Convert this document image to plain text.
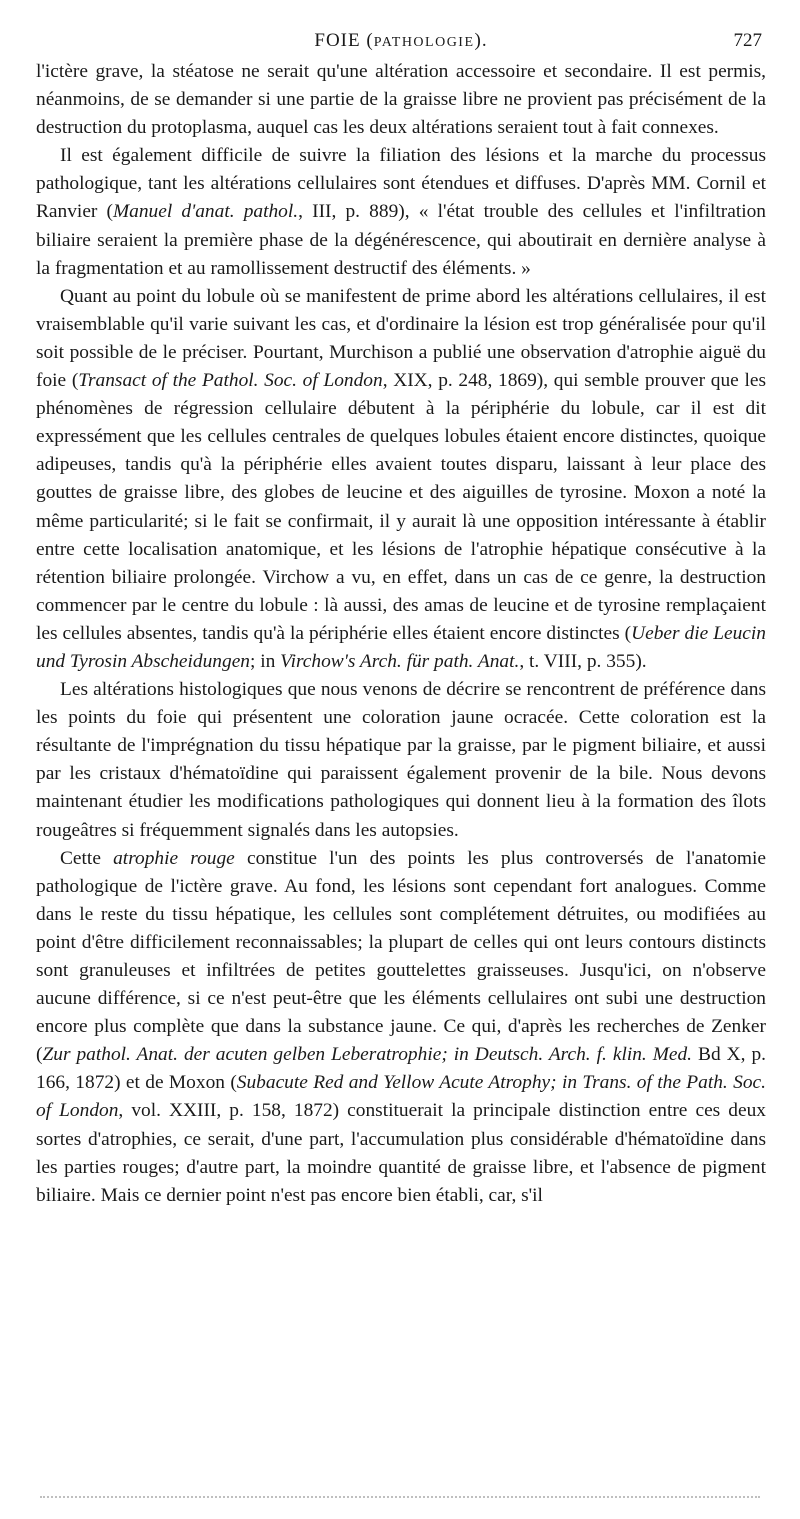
FOIE (PATHOLOGIE).	727

l'ictère grave, la stéatose ne serait qu'une altération accessoire et secondaire. Il est permis, néanmoins, de se demander si une partie de la graisse libre ne provient pas précisément de la destruction du protoplasma, auquel cas les deux altérations seraient tout à fait connexes.

Il est également difficile de suivre la filiation des lésions et la marche du processus pathologique, tant les altérations cellulaires sont étendues et diffuses. D'après MM. Cornil et Ranvier (Manuel d'anat. pathol., III, p. 889), « l'état trouble des cellules et l'infiltration biliaire seraient la première phase de la dégénérescence, qui aboutirait en dernière analyse à la fragmentation et au ramollissement destructif des éléments. »

Quant au point du lobule où se manifestent de prime abord les altérations cellulaires, il est vraisemblable qu'il varie suivant les cas, et d'ordinaire la lésion est trop généralisée pour qu'il soit possible de le préciser. Pourtant, Murchison a publié une observation d'atrophie aiguë du foie (Transact of the Pathol. Soc. of London, XIX, p. 248, 1869), qui semble prouver que les phénomènes de régression cellulaire débutent à la périphérie du lobule, car il est dit expressément que les cellules centrales de quelques lobules étaient encore distinctes, quoique adipeuses, tandis qu'à la périphérie elles avaient toutes disparu, laissant à leur place des gouttes de graisse libre, des globes de leucine et des aiguilles de tyrosine. Moxon a noté la même particularité; si le fait se confirmait, il y aurait là une opposition intéressante à établir entre cette localisation anatomique, et les lésions de l'atrophie hépatique consécutive à la rétention biliaire prolongée. Virchow a vu, en effet, dans un cas de ce genre, la destruction commencer par le centre du lobule : là aussi, des amas de leucine et de tyrosine remplaçaient les cellules absentes, tandis qu'à la périphérie elles étaient encore distinctes (Ueber die Leucin und Tyrosin Abscheidungen; in Virchow's Arch. für path. Anat., t. VIII, p. 355).

Les altérations histologiques que nous venons de décrire se rencontrent de préférence dans les points du foie qui présentent une coloration jaune ocracée. Cette coloration est la résultante de l'imprégnation du tissu hépatique par la graisse, par le pigment biliaire, et aussi par les cristaux d'hématoïdine qui paraissent également provenir de la bile. Nous devons maintenant étudier les modifications pathologiques qui donnent lieu à la formation des îlots rougeâtres si fréquemment signalés dans les autopsies.

Cette atrophie rouge constitue l'un des points les plus controversés de l'anatomie pathologique de l'ictère grave. Au fond, les lésions sont cependant fort analogues. Comme dans le reste du tissu hépatique, les cellules sont complétement détruites, ou modifiées au point d'être difficilement reconnaissables; la plupart de celles qui ont leurs contours distincts sont granuleuses et infiltrées de petites gouttelettes graisseuses. Jusqu'ici, on n'observe aucune différence, si ce n'est peut-être que les éléments cellulaires ont subi une destruction encore plus complète que dans la substance jaune. Ce qui, d'après les recherches de Zenker (Zur pathol. Anat. der acuten gelben Leberatrophie; in Deutsch. Arch. f. klin. Med. Bd X, p. 166, 1872) et de Moxon (Subacute Red and Yellow Acute Atrophy; in Trans. of the Path. Soc. of London, vol. XXIII, p. 158, 1872) constituerait la principale distinction entre ces deux sortes d'atrophies, ce serait, d'une part, l'accumulation plus considérable d'hématoïdine dans les parties rouges; d'autre part, la moindre quantité de graisse libre, et l'absence de pigment biliaire. Mais ce dernier point n'est pas encore bien établi, car, s'il
